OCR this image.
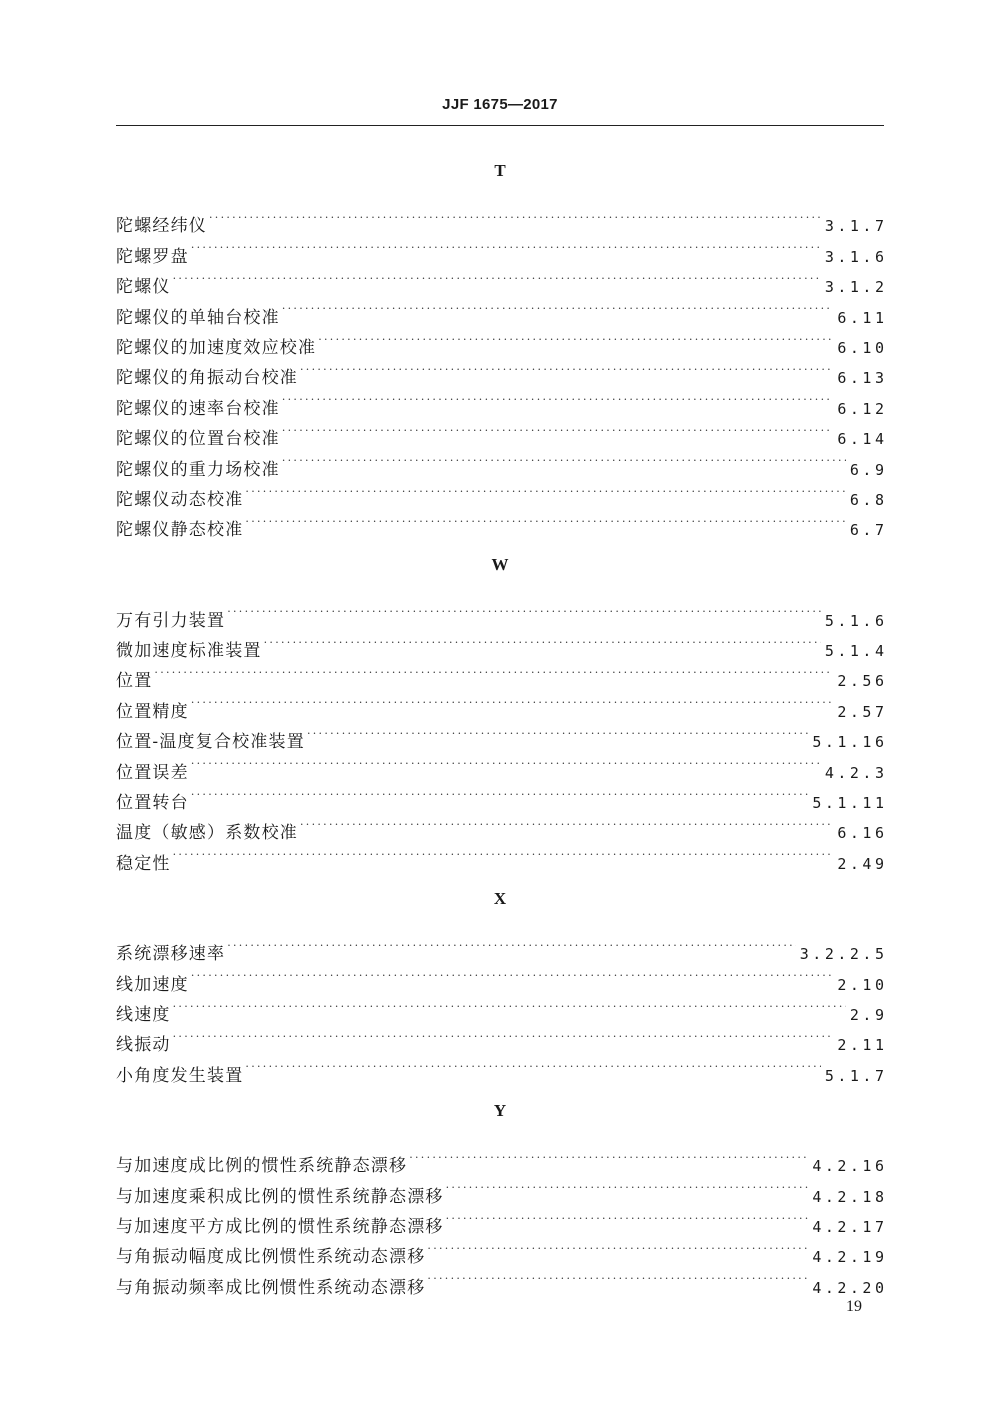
JJF 1675—2017
T
陀螺经纬仪 · · ·	3.1.7
陀螺罗盘 · · ·	3.1.6
陀螺仪 · · ·	3.1.2
陀螺仪的单轴台校准 · · ·	6.11
陀螺仪的加速度效应校准 · · ·	6.10
陀螺仪的角振动台校准 · · ·	6.13
陀螺仪的速率台校准 · · ·	6.12
陀螺仪的位置台校准 · · ·	6.14
陀螺仪的重力场校准 · · ·	6.9
陀螺仪动态校准 · · ·	6.8
陀螺仪静态校准 · · ·	6.7
W
万有引力装置 · · ·	5.1.6
微加速度标准装置 · · ·	5.1.4
位置 · · ·	2.56
位置精度 · · ·	2.57
位置-温度复合校准装置 · · ·	5.1.16
位置误差 · · ·	4.2.3
位置转台 · · ·	5.1.11
温度（敏感）系数校准 · · ·	6.16
稳定性 · · ·	2.49
X
系统漂移速率 · · ·	3.2.2.5
线加速度 · · ·	2.10
线速度 · · ·	2.9
线振动 · · ·	2.11
小角度发生装置 · · ·	5.1.7
Y
与加速度成比例的惯性系统静态漂移 · · ·	4.2.16
与加速度乘积成比例的惯性系统静态漂移 · · ·	4.2.18
与加速度平方成比例的惯性系统静态漂移 · · ·	4.2.17
与角振动幅度成比例惯性系统动态漂移 · · ·	4.2.19
与角振动频率成比例惯性系统动态漂移 · · ·	4.2.20
19
